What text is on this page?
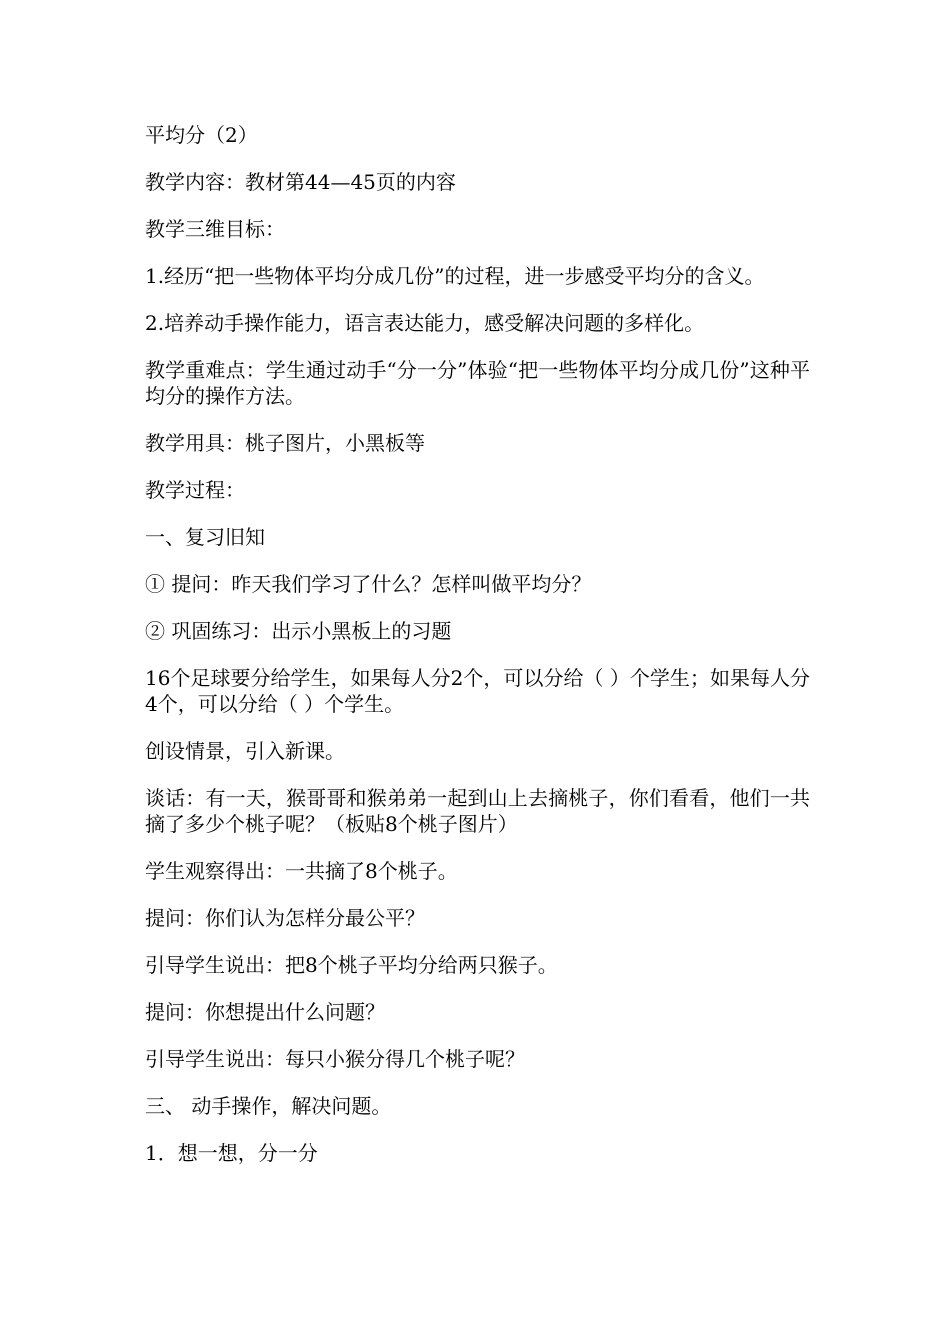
平均分（2）

教学内容：教材第44—45页的内容

教学三维目标：

1.经历“把一些物体平均分成几份”的过程，进一步感受平均分的含义。

2.培养动手操作能力，语言表达能力，感受解决问题的多样化。

教学重难点：学生通过动手“分一分”体验“把一些物体平均分成几份”这种平均分的操作方法。

教学用具：桃子图片，小黑板等

教学过程：

一、复习旧知

① 提问：昨天我们学习了什么？怎样叫做平均分？

② 巩固练习：出示小黑板上的习题

16个足球要分给学生，如果每人分2个，可以分给（ ）个学生；如果每人分4个，可以分给（ ）个学生。

创设情景，引入新课。

谈话：有一天，猴哥哥和猴弟弟一起到山上去摘桃子，你们看看，他们一共摘了多少个桃子呢？（板贴8个桃子图片）

学生观察得出：一共摘了8个桃子。

提问：你们认为怎样分最公平？

引导学生说出：把8个桃子平均分给两只猴子。

提问：你想提出什么问题？

引导学生说出：每只小猴分得几个桃子呢？

三、 动手操作，解决问题。

1．想一想，分一分
